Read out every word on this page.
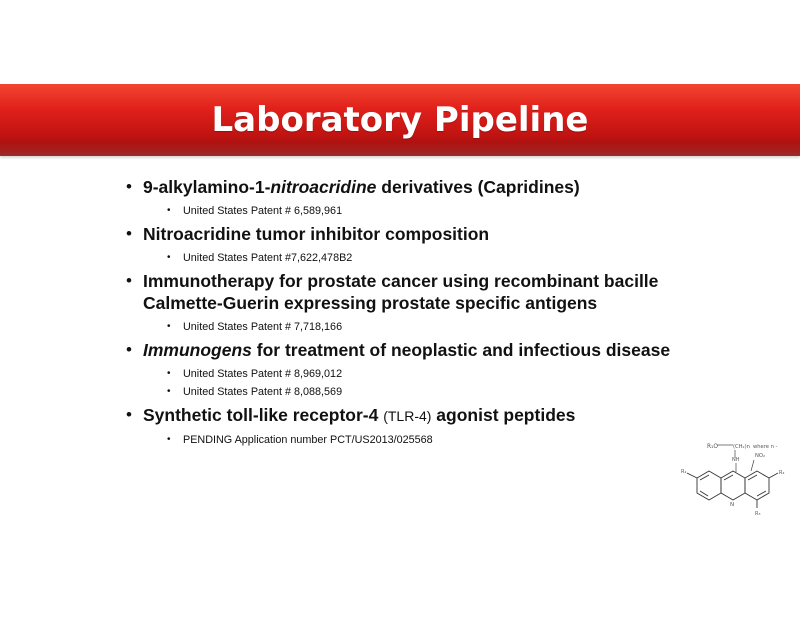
Laboratory Pipeline
• 9-alkylamino-1-nitroacridine derivatives (Capridines)
•	United States Patent # 6,589,961
• Nitroacridine tumor inhibitor composition
•	United States Patent #7,622,478B2
• Immunotherapy for prostate cancer using recombinant bacille Calmette-Guerin expressing prostate specific antigens
•	United States Patent # 7,718,166
• Immunogens for treatment of neoplastic and infectious disease
•	United States Patent # 8,969,012
•	United States Patent # 8,088,569
• Synthetic toll-like receptor-4 (TLR-4) agonist peptides
•	PENDING Application number PCT/US2013/025568
R₁O	(CH₂)n where n -
NH
NO₂
N
R₄
R₃
R₂
